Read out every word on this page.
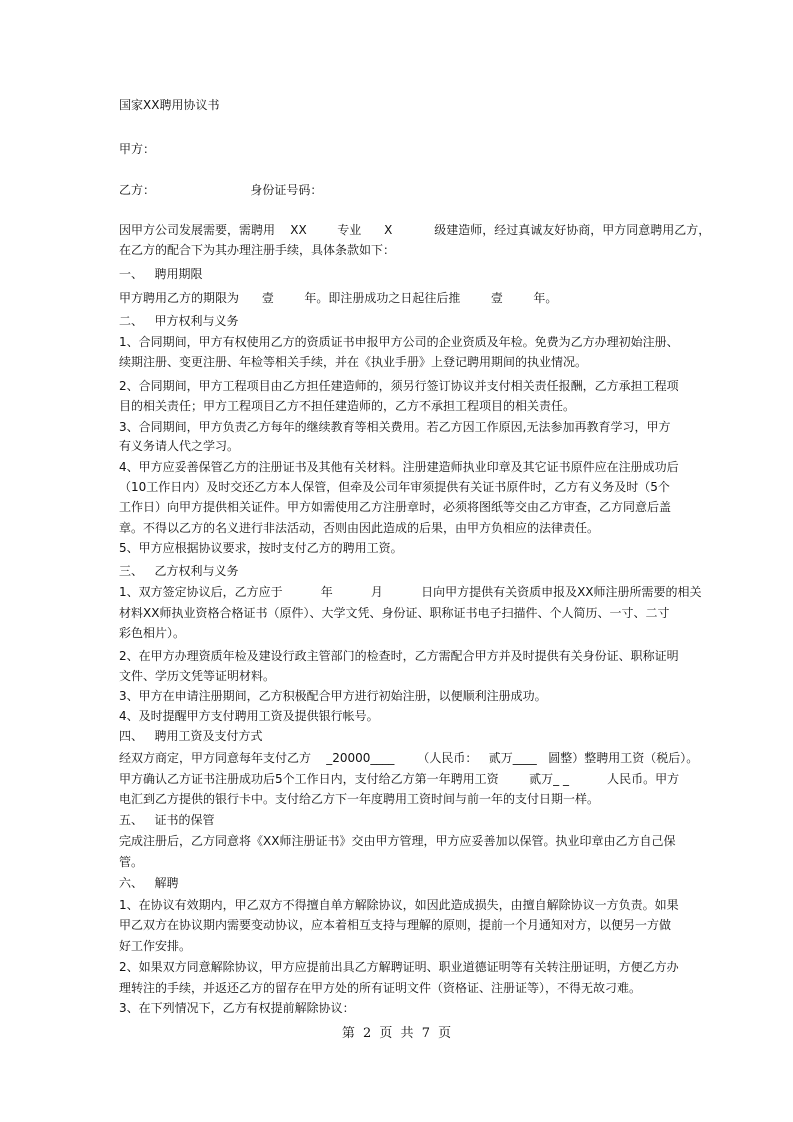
国家XX聘用协议书
甲方：
乙方：                         身份证号码：
因甲方公司发展需要，需聘用    XX        专业      X           级建造师，经过真诚友好协商，甲方同意聘用乙方，
在乙方的配合下为其办理注册手续，具体条款如下：
一、   聘用期限
甲方聘用乙方的期限为      壹        年。即注册成功之日起往后推        壹        年。
二、   甲方权利与义务
1、合同期间，甲方有权使用乙方的资质证书申报甲方公司的企业资质及年检。免费为乙方办理初始注册、
续期注册、变更注册、年检等相关手续，并在《执业手册》上登记聘用期间的执业情况。
2、合同期间，甲方工程项目由乙方担任建造师的，须另行签订协议并支付相关责任报酬，乙方承担工程项
目的相关责任；甲方工程项目乙方不担任建造师的，乙方不承担工程项目的相关责任。
3、合同期间，甲方负责乙方每年的继续教育等相关费用。若乙方因工作原因,无法参加再教育学习，甲方
有义务请人代之学习。
4、甲方应妥善保管乙方的注册证书及其他有关材料。注册建造师执业印章及其它证书原件应在注册成功后
（10工作日内）及时交还乙方本人保管，但牵及公司年审须提供有关证书原件时，乙方有义务及时（5个
工作日）向甲方提供相关证件。甲方如需使用乙方注册章时，必须将图纸等交由乙方审查，乙方同意后盖
章。不得以乙方的名义进行非法活动，否则由因此造成的后果，由甲方负相应的法律责任。
5、甲方应根据协议要求，按时支付乙方的聘用工资。
三、   乙方权利与义务
1、双方签定协议后，乙方应于          年          月          日向甲方提供有关资质申报及XX师注册所需要的相关
材料XX师执业资格合格证书（原件）、大学文凭、身份证、职称证书电子扫描件、个人简历、一寸、二寸
彩色相片）。
2、在甲方办理资质年检及建设行政主管部门的检查时，乙方需配合甲方并及时提供有关身份证、职称证明
文件、学历文凭等证明材料。
3、甲方在申请注册期间，乙方积极配合甲方进行初始注册，以便顺利注册成功。
4、及时提醒甲方支付聘用工资及提供银行帐号。
四、   聘用工资及支付方式
经双方商定，甲方同意每年支付乙方    _20000____      （人民币：   贰万____   圆整）整聘用工资（税后）。
甲方确认乙方证书注册成功后5个工作日内，支付给乙方第一年聘用工资        贰万_ _          人民币。甲方
电汇到乙方提供的银行卡中。支付给乙方下一年度聘用工资时间与前一年的支付日期一样。
五、   证书的保管
完成注册后，乙方同意将《XX师注册证书》交由甲方管理，甲方应妥善加以保管。执业印章由乙方自己保
管。
六、   解聘
1、在协议有效期内，甲乙双方不得擅自单方解除协议，如因此造成损失，由擅自解除协议一方负责。如果
甲乙双方在协议期内需要变动协议，应本着相互支持与理解的原则，提前一个月通知对方，以便另一方做
好工作安排。
2、如果双方同意解除协议，甲方应提前出具乙方解聘证明、职业道德证明等有关转注册证明，方便乙方办
理转注的手续，并返还乙方的留存在甲方处的所有证明文件（资格证、注册证等），不得无故刁难。
3、在下列情况下，乙方有权提前解除协议：
第 2 页 共 7 页
